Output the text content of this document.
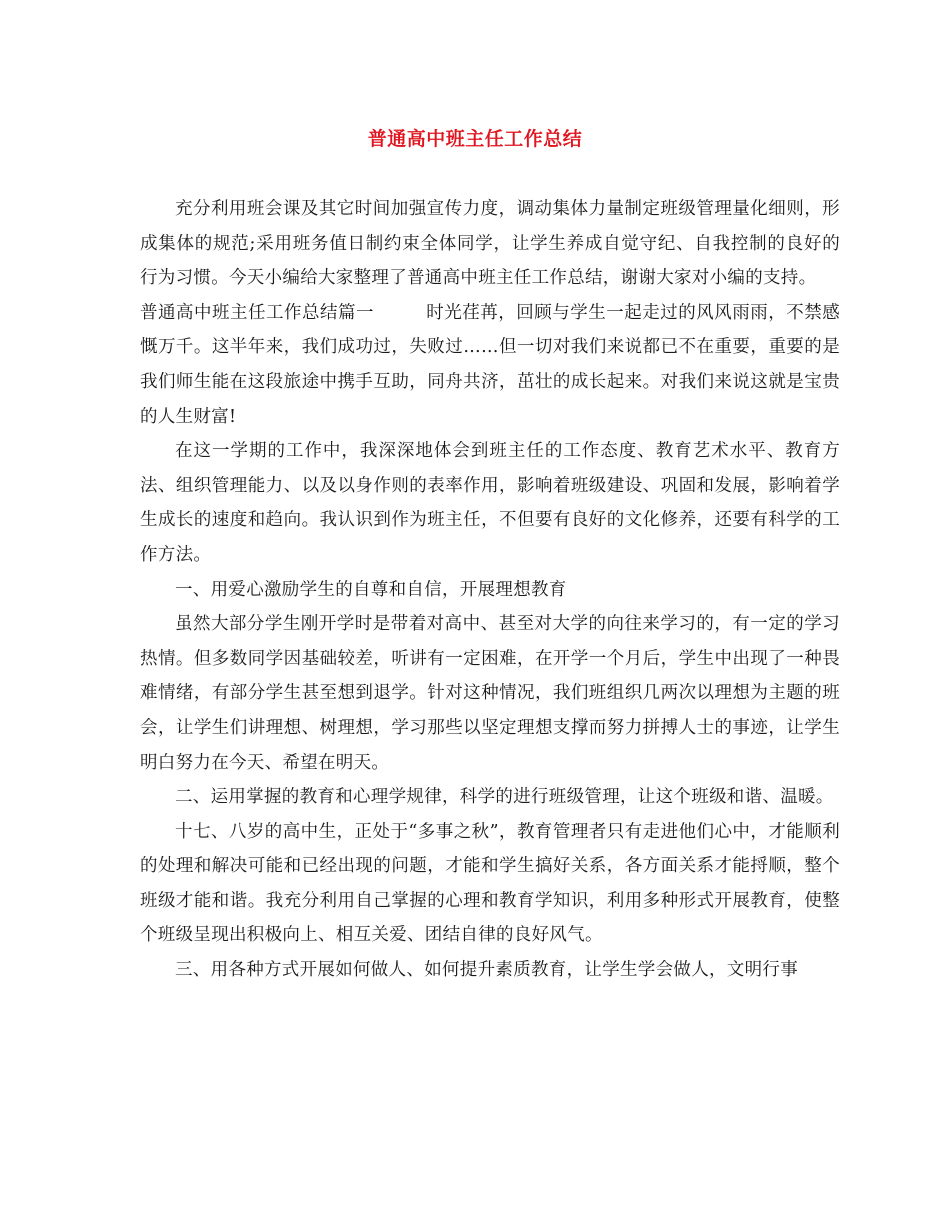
普通高中班主任工作总结

充分利用班会课及其它时间加强宣传力度，调动集体力量制定班级管理量化细则，形成集体的规范;采用班务值日制约束全体同学，让学生养成自觉守纪、自我控制的良好的行为习惯。今天小编给大家整理了普通高中班主任工作总结，谢谢大家对小编的支持。

普通高中班主任工作总结篇一	时光荏苒，回顾与学生一起走过的风风雨雨，不禁感慨万千。这半年来，我们成功过，失败过……但一切对我们来说都已不在重要，重要的是我们师生能在这段旅途中携手互助，同舟共济，茁壮的成长起来。对我们来说这就是宝贵的人生财富!

在这一学期的工作中，我深深地体会到班主任的工作态度、教育艺术水平、教育方法、组织管理能力、以及以身作则的表率作用，影响着班级建设、巩固和发展，影响着学生成长的速度和趋向。我认识到作为班主任，不但要有良好的文化修养，还要有科学的工作方法。

一、用爱心激励学生的自尊和自信，开展理想教育

虽然大部分学生刚开学时是带着对高中、甚至对大学的向往来学习的，有一定的学习热情。但多数同学因基础较差，听讲有一定困难，在开学一个月后，学生中出现了一种畏难情绪，有部分学生甚至想到退学。针对这种情况，我们班组织几两次以理想为主题的班会，让学生们讲理想、树理想，学习那些以坚定理想支撑而努力拼搏人士的事迹，让学生明白努力在今天、希望在明天。

二、运用掌握的教育和心理学规律，科学的进行班级管理，让这个班级和谐、温暖。

十七、八岁的高中生，正处于“多事之秋”，教育管理者只有走进他们心中，才能顺利的处理和解决可能和已经出现的问题，才能和学生搞好关系，各方面关系才能捋顺，整个班级才能和谐。我充分利用自己掌握的心理和教育学知识，利用多种形式开展教育，使整个班级呈现出积极向上、相互关爱、团结自律的良好风气。

三、用各种方式开展如何做人、如何提升素质教育，让学生学会做人，文明行事
